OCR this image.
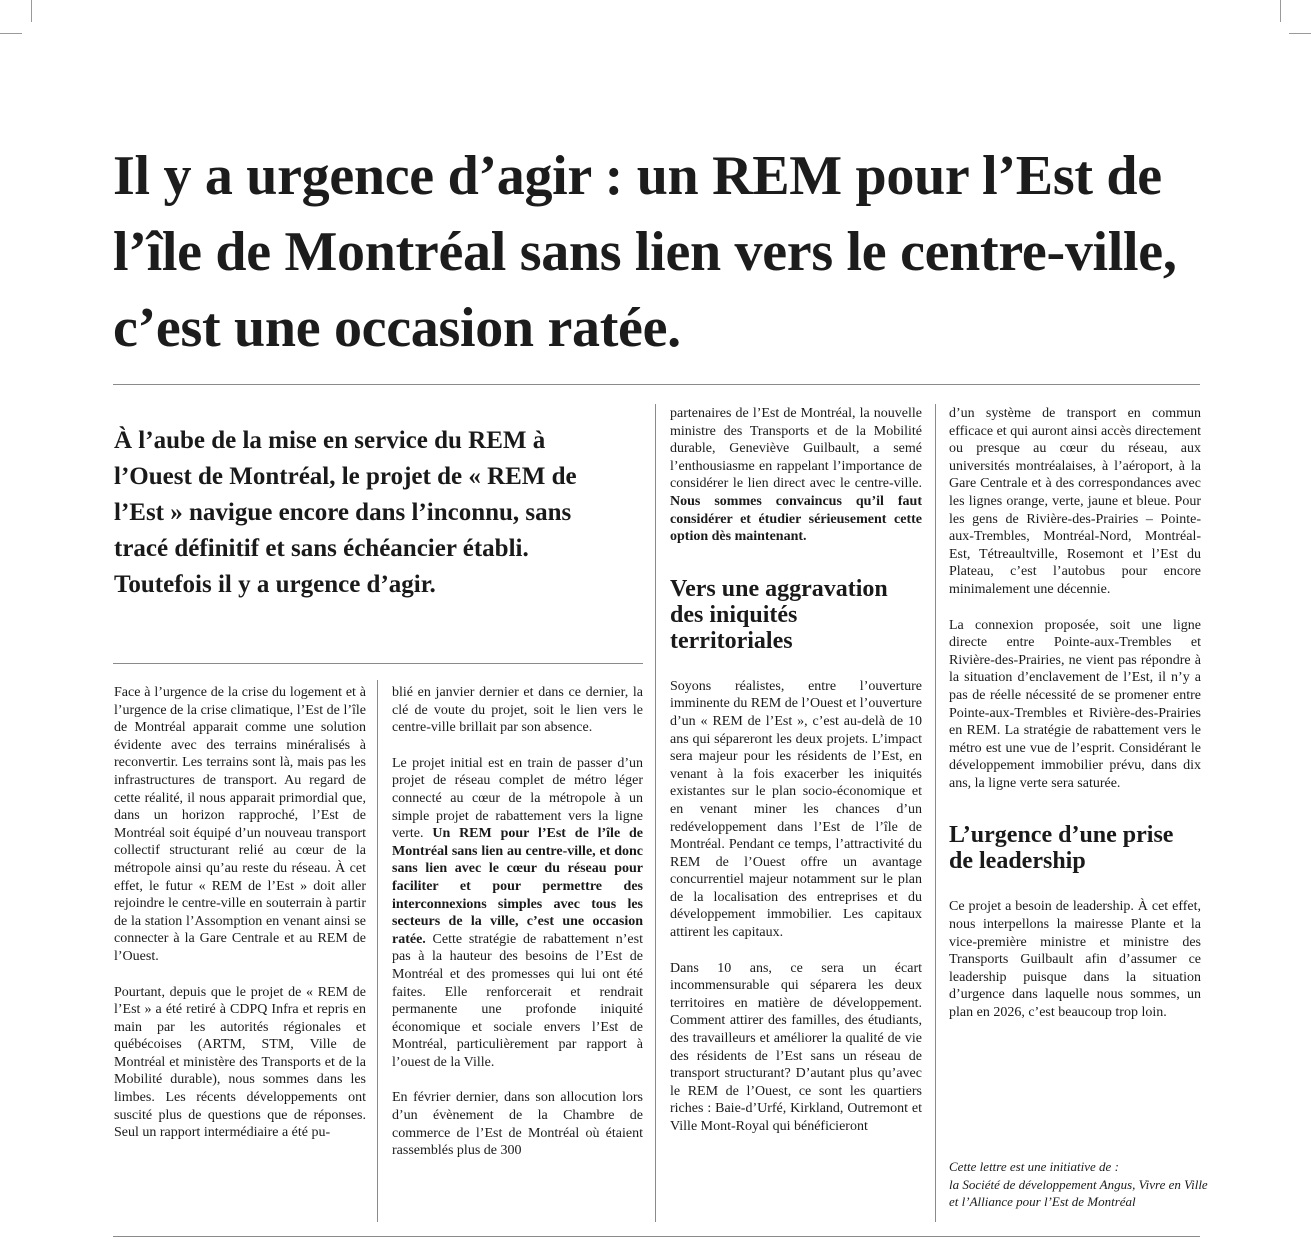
Il y a urgence d’agir : un REM pour l’Est de l’île de Montréal sans lien vers le centre-ville, c’est une occasion ratée.

À l’aube de la mise en service du REM à l’Ouest de Montréal, le projet de « REM de l’Est » navigue encore dans l’inconnu, sans tracé définitif et sans échéancier établi. Toutefois il y a urgence d’agir.

Face à l’urgence de la crise du logement et à l’urgence de la crise climatique, l’Est de l’île de Montréal apparait comme une solution évidente avec des terrains minéralisés à reconvertir. Les terrains sont là, mais pas les infrastructures de transport. Au regard de cette réalité, il nous apparait primordial que, dans un horizon rapproché, l’Est de Montréal soit équipé d’un nouveau transport collectif structurant relié au cœur de la métropole ainsi qu’au reste du réseau. À cet effet, le futur « REM de l’Est » doit aller rejoindre le centre-ville en souterrain à partir de la station l’Assomption en venant ainsi se connecter à la Gare Centrale et au REM de l’Ouest.

Pourtant, depuis que le projet de « REM de l’Est » a été retiré à CDPQ Infra et repris en main par les autorités régionales et québécoises (ARTM, STM, Ville de Montréal et ministère des Transports et de la Mobilité durable), nous sommes dans les limbes. Les récents développements ont suscité plus de questions que de réponses. Seul un rapport intermédiaire a été pu-

blié en janvier dernier et dans ce dernier, la clé de voute du projet, soit le lien vers le centre-ville brillait par son absence.

Le projet initial est en train de passer d’un projet de réseau complet de métro léger connecté au cœur de la métropole à un simple projet de rabattement vers la ligne verte. Un REM pour l’Est de l’île de Montréal sans lien au centre-ville, et donc sans lien avec le cœur du réseau pour faciliter et pour permettre des interconnexions simples avec tous les secteurs de la ville, c’est une occasion ratée. Cette stratégie de rabattement n’est pas à la hauteur des besoins de l’Est de Montréal et des promesses qui lui ont été faites. Elle renforcerait et rendrait permanente une profonde iniquité économique et sociale envers l’Est de Montréal, particulièrement par rapport à l’ouest de la Ville.

En février dernier, dans son allocution lors d’un évènement de la Chambre de commerce de l’Est de Montréal où étaient rassemblés plus de 300

partenaires de l’Est de Montréal, la nouvelle ministre des Transports et de la Mobilité durable, Geneviève Guilbault, a semé l’enthousiasme en rappelant l’importance de considérer le lien direct avec le centre-ville. Nous sommes convaincus qu’il faut considérer et étudier sérieusement cette option dès maintenant.

Vers une aggravation des iniquités territoriales

Soyons réalistes, entre l’ouverture imminente du REM de l’Ouest et l’ouverture d’un « REM de l’Est », c’est au-delà de 10 ans qui sépareront les deux projets. L’impact sera majeur pour les résidents de l’Est, en venant à la fois exacerber les iniquités existantes sur le plan socio-économique et en venant miner les chances d’un redéveloppement dans l’Est de l’île de Montréal. Pendant ce temps, l’attractivité du REM de l’Ouest offre un avantage concurrentiel majeur notamment sur le plan de la localisation des entreprises et du développement immobilier. Les capitaux attirent les capitaux.

Dans 10 ans, ce sera un écart incommensurable qui séparera les deux territoires en matière de développement. Comment attirer des familles, des étudiants, des travailleurs et améliorer la qualité de vie des résidents de l’Est sans un réseau de transport structurant? D’autant plus qu’avec le REM de l’Ouest, ce sont les quartiers riches : Baie-d’Urfé, Kirkland, Outremont et Ville Mont-Royal qui bénéficieront

d’un système de transport en commun efficace et qui auront ainsi accès directement ou presque au cœur du réseau, aux universités montréalaises, à l’aéroport, à la Gare Centrale et à des correspondances avec les lignes orange, verte, jaune et bleue. Pour les gens de Rivière-des-Prairies – Pointe-aux-Trembles, Montréal-Nord, Montréal-Est, Tétreaultville, Rosemont et l’Est du Plateau, c’est l’autobus pour encore minimalement une décennie.

La connexion proposée, soit une ligne directe entre Pointe-aux-Trembles et Rivière-des-Prairies, ne vient pas répondre à la situation d’enclavement de l’Est, il n’y a pas de réelle nécessité de se promener entre Pointe-aux-Trembles et Rivière-des-Prairies en REM. La stratégie de rabattement vers le métro est une vue de l’esprit. Considérant le développement immobilier prévu, dans dix ans, la ligne verte sera saturée.

L’urgence d’une prise de leadership

Ce projet a besoin de leadership. À cet effet, nous interpellons la mairesse Plante et la vice-première ministre et ministre des Transports Guilbault afin d’assumer ce leadership puisque dans la situation d’urgence dans laquelle nous sommes, un plan en 2026, c’est beaucoup trop loin.

Cette lettre est une initiative de :
la Société de développement Angus, Vivre en Ville et l’Alliance pour l’Est de Montréal
